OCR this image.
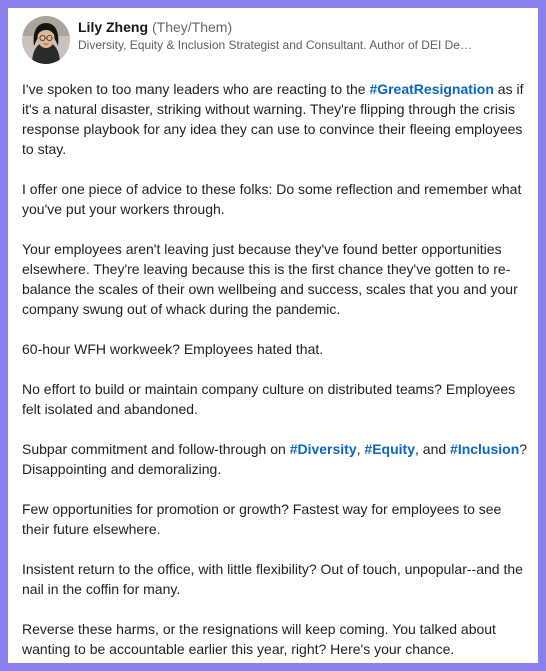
Lily Zheng (They/Them)
Diversity, Equity & Inclusion Strategist and Consultant. Author of DEI De…

I've spoken to too many leaders who are reacting to the #GreatResignation as if it's a natural disaster, striking without warning. They're flipping through the crisis response playbook for any idea they can use to convince their fleeing employees to stay.

I offer one piece of advice to these folks: Do some reflection and remember what you've put your workers through.

Your employees aren't leaving just because they've found better opportunities elsewhere. They're leaving because this is the first chance they've gotten to re-balance the scales of their own wellbeing and success, scales that you and your company swung out of whack during the pandemic.

60-hour WFH workweek? Employees hated that.

No effort to build or maintain company culture on distributed teams? Employees felt isolated and abandoned.

Subpar commitment and follow-through on #Diversity, #Equity, and #Inclusion? Disappointing and demoralizing.

Few opportunities for promotion or growth? Fastest way for employees to see their future elsewhere.

Insistent return to the office, with little flexibility? Out of touch, unpopular--and the nail in the coffin for many.

Reverse these harms, or the resignations will keep coming. You talked about wanting to be accountable earlier this year, right? Here's your chance.
